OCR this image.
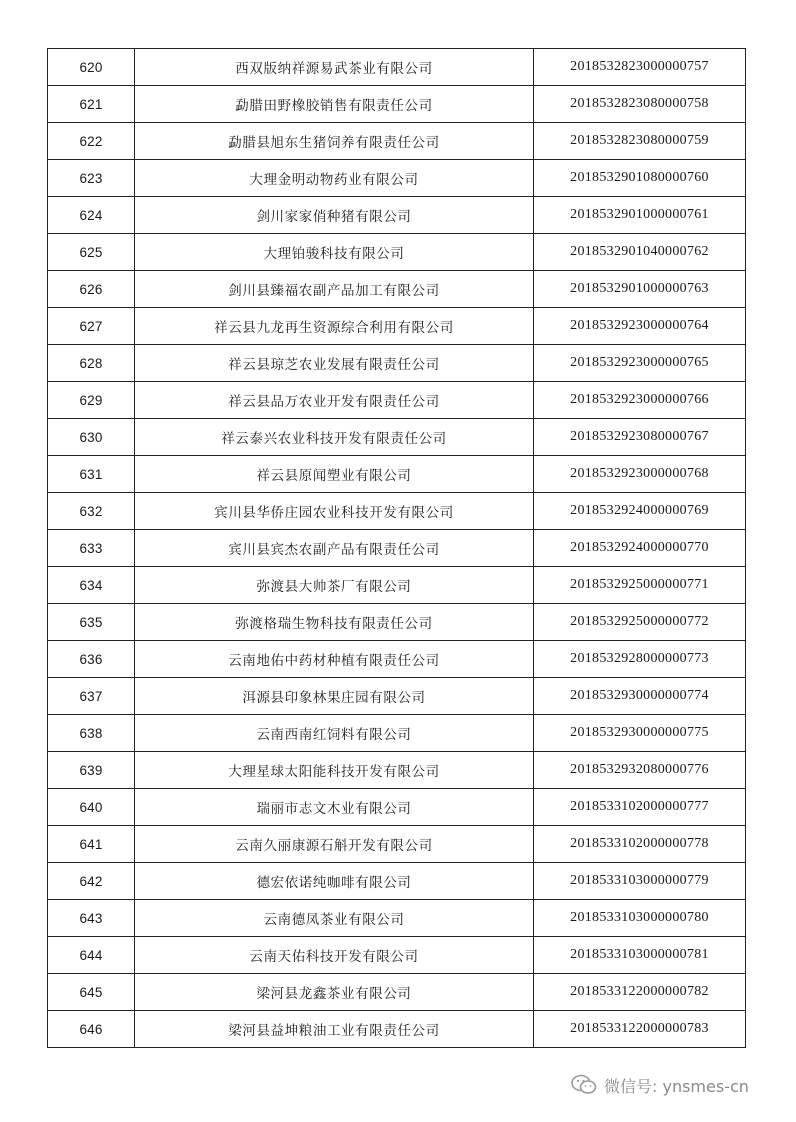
620	西双版纳祥源易武茶业有限公司	2018532823000000757
621	勐腊田野橡胶销售有限责任公司	2018532823080000758
622	勐腊县旭东生猪饲养有限责任公司	2018532823080000759
623	大理金明动物药业有限公司	2018532901080000760
624	剑川家家俏种猪有限公司	2018532901000000761
625	大理铂骏科技有限公司	2018532901040000762
626	剑川县臻福农副产品加工有限公司	2018532901000000763
627	祥云县九龙再生资源综合利用有限公司	2018532923000000764
628	祥云县琼芝农业发展有限责任公司	2018532923000000765
629	祥云县品万农业开发有限责任公司	2018532923000000766
630	祥云泰兴农业科技开发有限责任公司	2018532923080000767
631	祥云县原闻塑业有限公司	2018532923000000768
632	宾川县华侨庄园农业科技开发有限公司	2018532924000000769
633	宾川县宾杰农副产品有限责任公司	2018532924000000770
634	弥渡县大帅茶厂有限公司	2018532925000000771
635	弥渡格瑞生物科技有限责任公司	2018532925000000772
636	云南地佑中药材种植有限责任公司	2018532928000000773
637	洱源县印象林果庄园有限公司	2018532930000000774
638	云南西南红饲料有限公司	2018532930000000775
639	大理星球太阳能科技开发有限公司	2018532932080000776
640	瑞丽市志文木业有限公司	2018533102000000777
641	云南久丽康源石斛开发有限公司	2018533102000000778
642	德宏依诺纯咖啡有限公司	2018533103000000779
643	云南德凤茶业有限公司	2018533103000000780
644	云南天佑科技开发有限公司	2018533103000000781
645	梁河县龙鑫茶业有限公司	2018533122000000782
646	梁河县益坤粮油工业有限责任公司	2018533122000000783
微信号: ynsmes-cn
